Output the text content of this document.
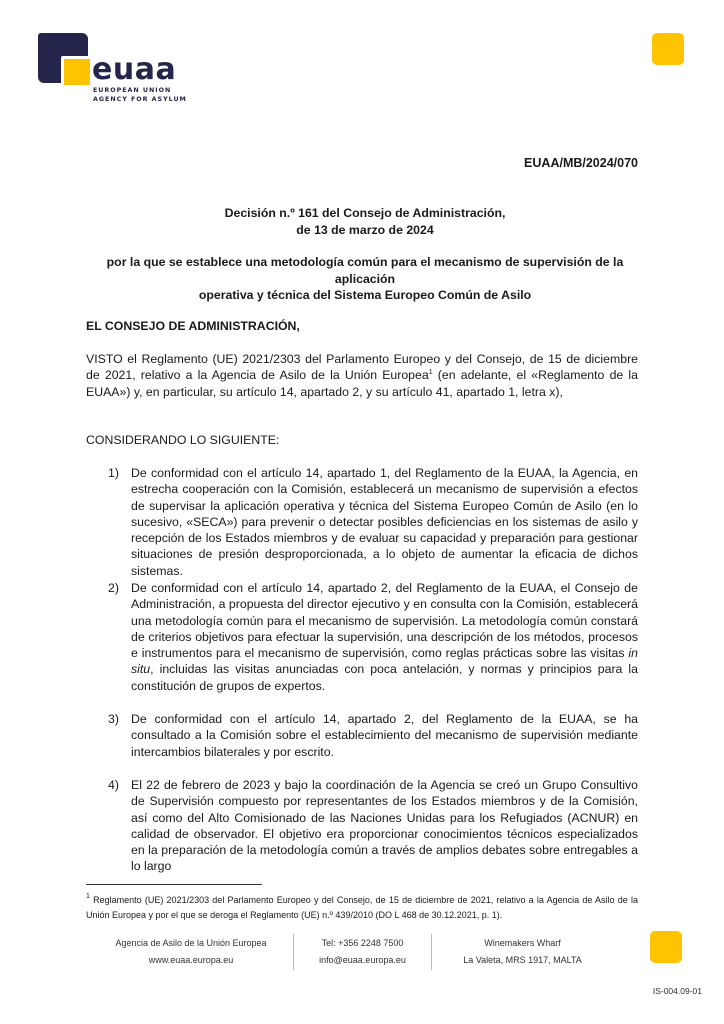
euaa
EUROPEAN UNION
AGENCY FOR ASYLUM
EUAA/MB/2024/070
Decisión n.º 161 del Consejo de Administración,
de 13 de marzo de 2024
por la que se establece una metodología común para el mecanismo de supervisión de la aplicación
operativa y técnica del Sistema Europeo Común de Asilo
EL CONSEJO DE ADMINISTRACIÓN,
VISTO el Reglamento (UE) 2021/2303 del Parlamento Europeo y del Consejo, de 15 de diciembre de 2021, relativo a la Agencia de Asilo de la Unión Europea$^1$ (en adelante, el «Reglamento de la EUAA») y, en particular, su artículo 14, apartado 2, y su artículo 41, apartado 1, letra x),
CONSIDERANDO LO SIGUIENTE:
1) De conformidad con el artículo 14, apartado 1, del Reglamento de la EUAA, la Agencia, en estrecha cooperación con la Comisión, establecerá un mecanismo de supervisión a efectos de supervisar la aplicación operativa y técnica del Sistema Europeo Común de Asilo (en lo sucesivo, «SECA») para prevenir o detectar posibles deficiencias en los sistemas de asilo y recepción de los Estados miembros y de evaluar su capacidad y preparación para gestionar situaciones de presión desproporcionada, a lo objeto de aumentar la eficacia de dichos sistemas.
2) De conformidad con el artículo 14, apartado 2, del Reglamento de la EUAA, el Consejo de Administración, a propuesta del director ejecutivo y en consulta con la Comisión, establecerá una metodología común para el mecanismo de supervisión. La metodología común constará de criterios objetivos para efectuar la supervisión, una descripción de los métodos, procesos e instrumentos para el mecanismo de supervisión, como reglas prácticas sobre las visitas in situ, incluidas las visitas anunciadas con poca antelación, y normas y principios para la constitución de grupos de expertos.
3) De conformidad con el artículo 14, apartado 2, del Reglamento de la EUAA, se ha consultado a la Comisión sobre el establecimiento del mecanismo de supervisión mediante intercambios bilaterales y por escrito.
4) El 22 de febrero de 2023 y bajo la coordinación de la Agencia se creó un Grupo Consultivo de Supervisión compuesto por representantes de los Estados miembros y de la Comisión, así como del Alto Comisionado de las Naciones Unidas para los Refugiados (ACNUR) en calidad de observador. El objetivo era proporcionar conocimientos técnicos especializados en la preparación de la metodología común a través de amplios debates sobre entregables a lo largo
$^1$ Reglamento (UE) 2021/2303 del Parlamento Europeo y del Consejo, de 15 de diciembre de 2021, relativo a la Agencia de Asilo de la Unión Europea y por el que se deroga el Reglamento (UE) n.º 439/2010 (DO L 468 de 30.12.2021, p. 1).
Agencia de Asilo de la Unión Europea
www.euaa.europa.eu
Tel: +356 2248 7500
info@euaa.europa.eu
Winemakers Wharf
La Valeta, MRS 1917, MALTA
IS-004.09-01
